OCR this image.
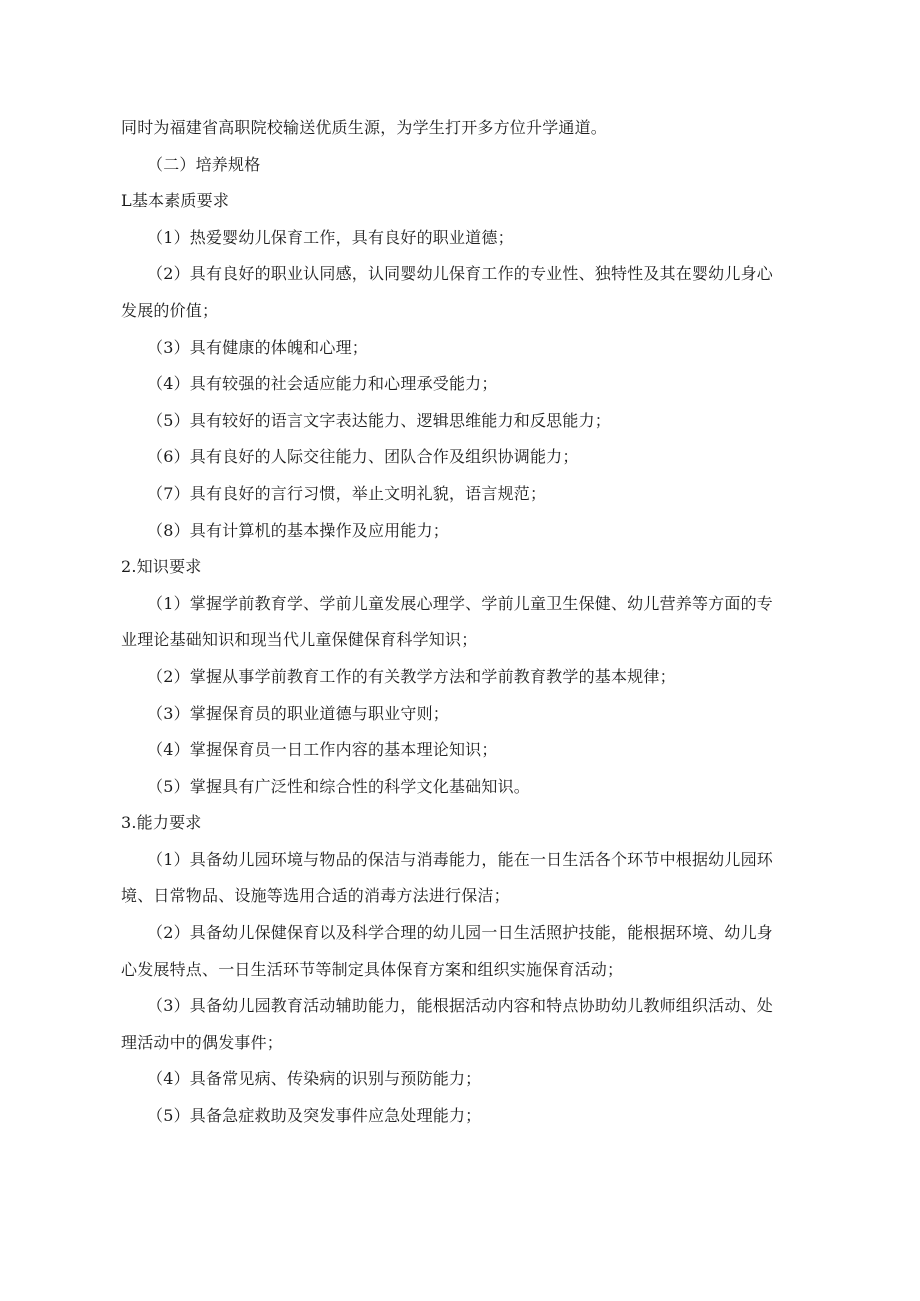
同时为福建省高职院校输送优质生源，为学生打开多方位升学通道。
（二）培养规格
L基本素质要求
（1）热爱婴幼儿保育工作，具有良好的职业道德；
（2）具有良好的职业认同感，认同婴幼儿保育工作的专业性、独特性及其在婴幼儿身心
发展的价值；
（3）具有健康的体魄和心理；
（4）具有较强的社会适应能力和心理承受能力；
（5）具有较好的语言文字表达能力、逻辑思维能力和反思能力；
（6）具有良好的人际交往能力、团队合作及组织协调能力；
（7）具有良好的言行习惯，举止文明礼貌，语言规范；
（8）具有计算机的基本操作及应用能力；
2.知识要求
（1）掌握学前教育学、学前儿童发展心理学、学前儿童卫生保健、幼儿营养等方面的专
业理论基础知识和现当代儿童保健保育科学知识；
（2）掌握从事学前教育工作的有关教学方法和学前教育教学的基本规律；
（3）掌握保育员的职业道德与职业守则；
（4）掌握保育员一日工作内容的基本理论知识；
（5）掌握具有广泛性和综合性的科学文化基础知识。
3.能力要求
（1）具备幼儿园环境与物品的保洁与消毒能力，能在一日生活各个环节中根据幼儿园环
境、日常物品、设施等选用合适的消毒方法进行保洁；
（2）具备幼儿保健保育以及科学合理的幼儿园一日生活照护技能，能根据环境、幼儿身
心发展特点、一日生活环节等制定具体保育方案和组织实施保育活动；
（3）具备幼儿园教育活动辅助能力，能根据活动内容和特点协助幼儿教师组织活动、处
理活动中的偶发事件；
（4）具备常见病、传染病的识别与预防能力；
（5）具备急症救助及突发事件应急处理能力；
